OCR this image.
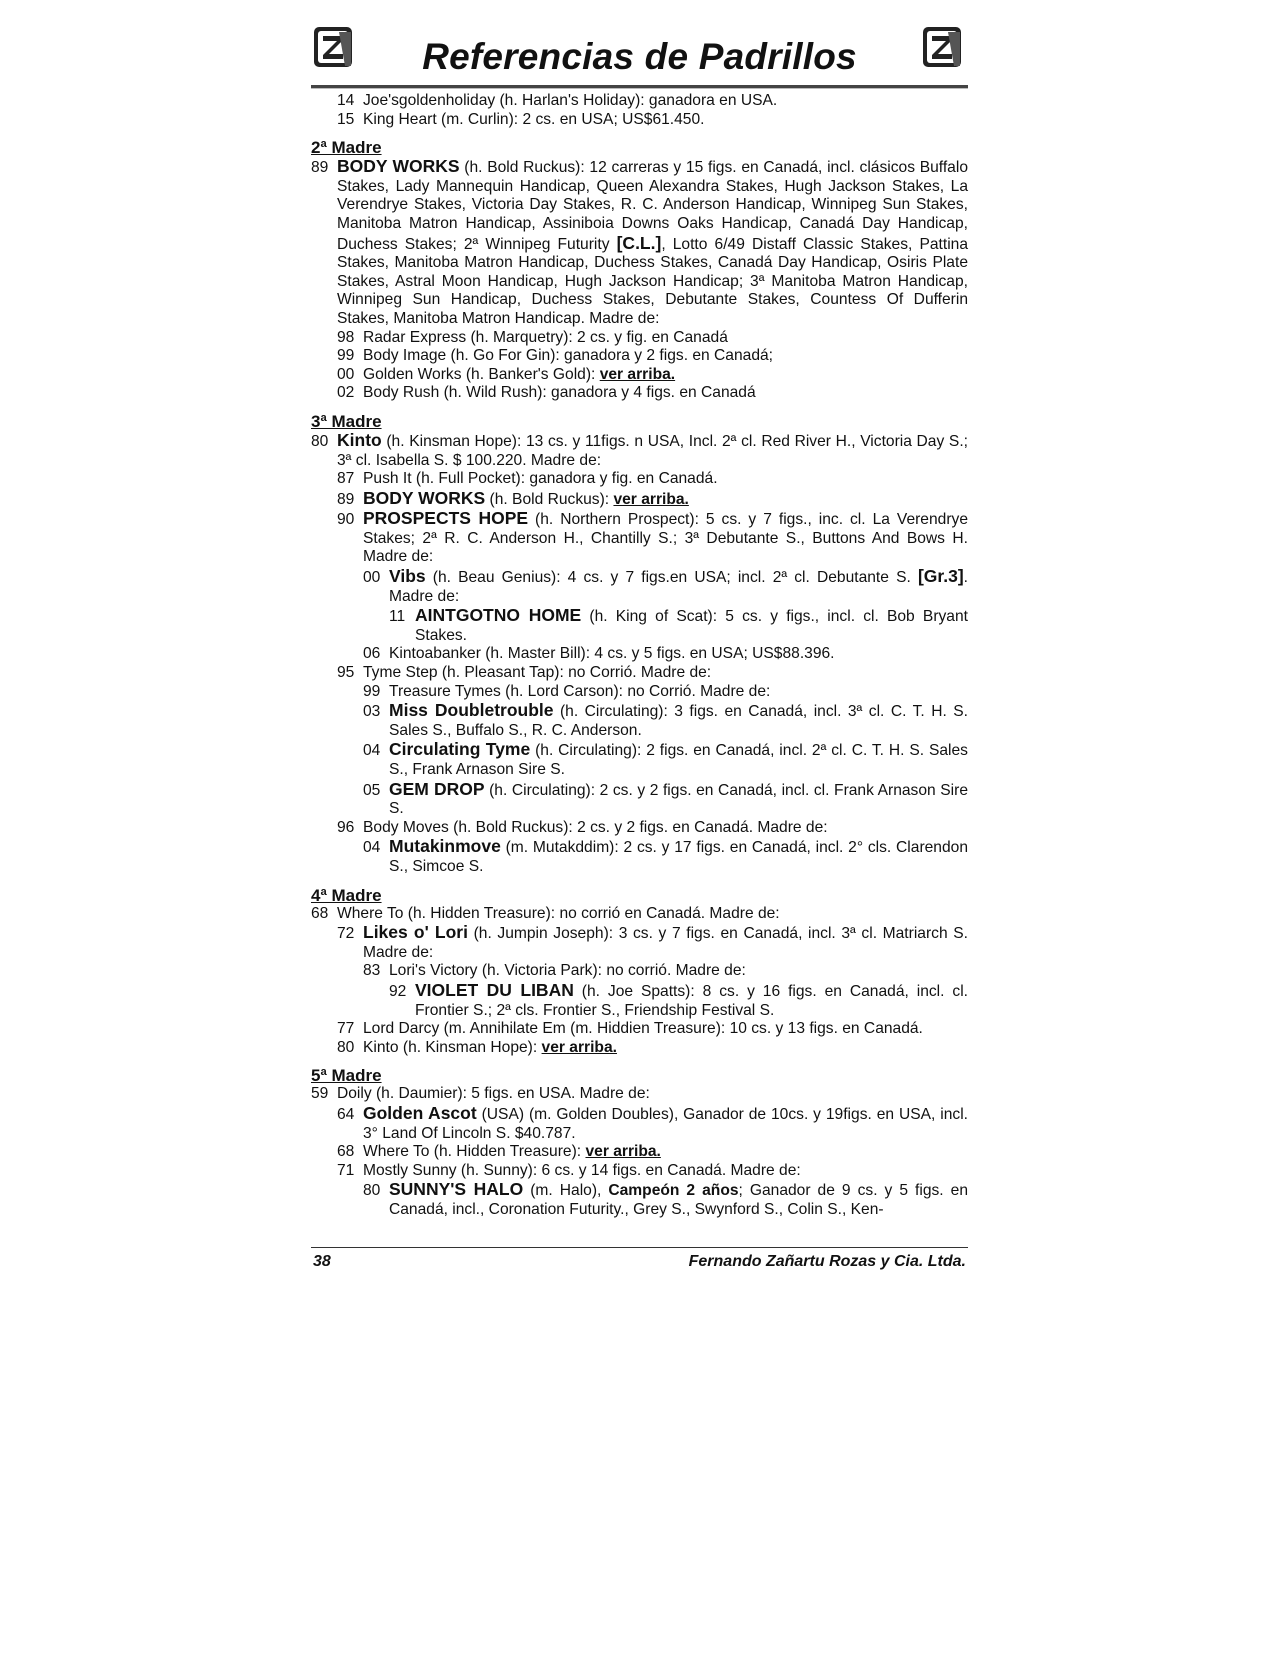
Referencias de Padrillos
14 Joe'sgoldenholiday (h. Harlan's Holiday): ganadora en USA.
15 King Heart (m. Curlin): 2 cs. en USA; US$61.450.
2ª Madre
89 BODY WORKS (h. Bold Ruckus): 12 carreras y 15 figs. en Canadá, incl. clásicos Buffalo Stakes, Lady Mannequin Handicap, Queen Alexandra Stakes, Hugh Jackson Stakes, La Verendrye Stakes, Victoria Day Stakes, R. C. Anderson Handicap, Winnipeg Sun Stakes, Manitoba Matron Handicap, Assiniboia Downs Oaks Handicap, Canadá Day Handicap, Duchess Stakes; 2ª Winnipeg Futurity [C.L.], Lotto 6/49 Distaff Classic Stakes, Pattina Stakes, Manitoba Matron Handicap, Duchess Stakes, Canadá Day Handicap, Osiris Plate Stakes, Astral Moon Handicap, Hugh Jackson Handicap; 3ª Manitoba Matron Handicap, Winnipeg Sun Handicap, Duchess Stakes, Debutante Stakes, Countess Of Dufferin Stakes, Manitoba Matron Handicap. Madre de:
98 Radar Express (h. Marquetry): 2 cs. y fig. en Canadá
99 Body Image (h. Go For Gin): ganadora y 2 figs. en Canadá;
00 Golden Works (h. Banker's Gold): ver arriba.
02 Body Rush (h. Wild Rush): ganadora y 4 figs. en Canadá
3ª Madre
80 Kinto (h. Kinsman Hope): 13 cs. y 11figs. n USA, Incl. 2ª cl. Red River H., Victoria Day S.; 3ª cl. Isabella S. $ 100.220. Madre de:
87 Push It (h. Full Pocket): ganadora y fig. en Canadá.
89 BODY WORKS (h. Bold Ruckus): ver arriba.
90 PROSPECTS HOPE (h. Northern Prospect): 5 cs. y 7 figs., inc. cl. La Verendrye Stakes; 2ª R. C. Anderson H., Chantilly S.; 3ª Debutante S., Buttons And Bows H. Madre de:
00 Vibs (h. Beau Genius): 4 cs. y 7 figs.en USA; incl. 2ª cl. Debutante S. [Gr.3]. Madre de:
11 AINTGOTNO HOME (h. King of Scat): 5 cs. y figs., incl. cl. Bob Bryant Stakes.
06 Kintoabanker (h. Master Bill): 4 cs. y 5 figs. en USA; US$88.396.
95 Tyme Step (h. Pleasant Tap): no Corrió. Madre de:
99 Treasure Tymes (h. Lord Carson): no Corrió. Madre de:
03 Miss Doubletrouble (h. Circulating): 3 figs. en Canadá, incl. 3ª cl. C. T. H. S. Sales S., Buffalo S., R. C. Anderson.
04 Circulating Tyme (h. Circulating): 2 figs. en Canadá, incl. 2ª cl. C. T. H. S. Sales S., Frank Arnason Sire S.
05 GEM DROP (h. Circulating): 2 cs. y 2 figs. en Canadá, incl. cl. Frank Arnason Sire S.
96 Body Moves (h. Bold Ruckus): 2 cs. y 2 figs. en Canadá. Madre de:
04 Mutakinmove (m. Mutakddim): 2 cs. y 17 figs. en Canadá, incl. 2° cls. Clarendon S., Simcoe S.
4ª Madre
68 Where To (h. Hidden Treasure): no corrió en Canadá. Madre de:
72 Likes o' Lori (h. Jumpin Joseph): 3 cs. y 7 figs. en Canadá, incl. 3ª cl. Matriarch S. Madre de:
83 Lori's Victory (h. Victoria Park): no corrió. Madre de:
92 VIOLET DU LIBAN (h. Joe Spatts): 8 cs. y 16 figs. en Canadá, incl. cl. Frontier S.; 2ª cls. Frontier S., Friendship Festival S.
77 Lord Darcy (m. Annihilate Em (m. Hiddien Treasure): 10 cs. y 13 figs. en Canadá.
80 Kinto (h. Kinsman Hope): ver arriba.
5ª Madre
59 Doily (h. Daumier): 5 figs. en USA. Madre de:
64 Golden Ascot (USA) (m. Golden Doubles), Ganador de 10cs. y 19figs. en USA, incl. 3° Land Of Lincoln S. $40.787.
68 Where To (h. Hidden Treasure): ver arriba.
71 Mostly Sunny (h. Sunny): 6 cs. y 14 figs. en Canadá. Madre de:
80 SUNNY'S HALO (m. Halo), Campeón 2 años; Ganador de 9 cs. y 5 figs. en Canadá, incl., Coronation Futurity., Grey S., Swynford S., Colin S., Ken-
38	Fernando Zañartu Rozas y Cia. Ltda.
